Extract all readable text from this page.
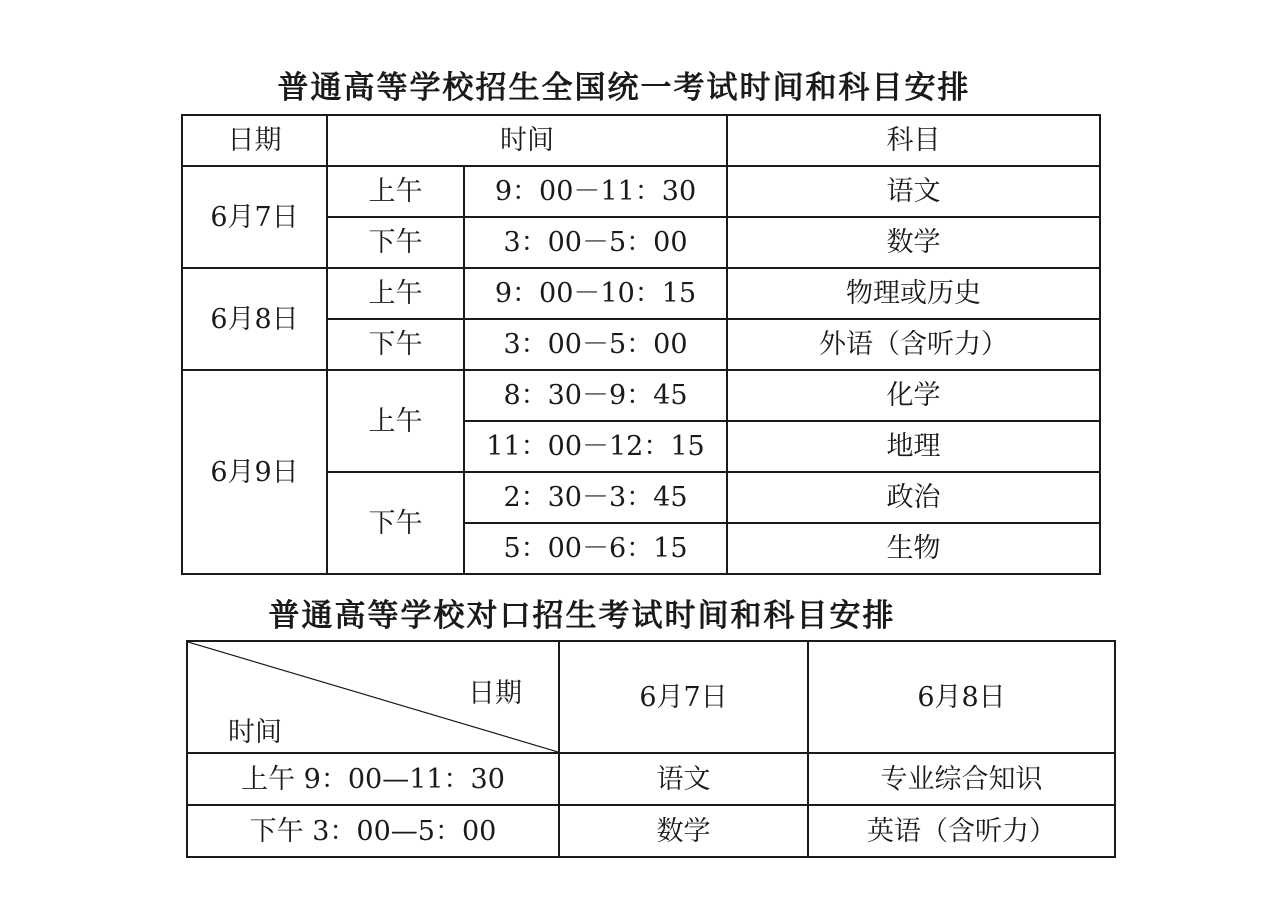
普通高等学校招生全国统一考试时间和科目安排
日期	时间		科目
6月7日	上午	9：00－11：30	语文
	下午	3：00－5：00	数学
6月8日	上午	9：00－10：15	物理或历史
	下午	3：00－5：00	外语（含听力）
6月9日	上午	8：30－9：45	化学
		11：00－12：15	地理
	下午	2：30－3：45	政治
		5：00－6：15	生物
普通高等学校对口招生考试时间和科目安排
日期
时间	6月7日	6月8日
上午 9：00—11：30	语文	专业综合知识
下午 3：00—5：00	数学	英语（含听力）
